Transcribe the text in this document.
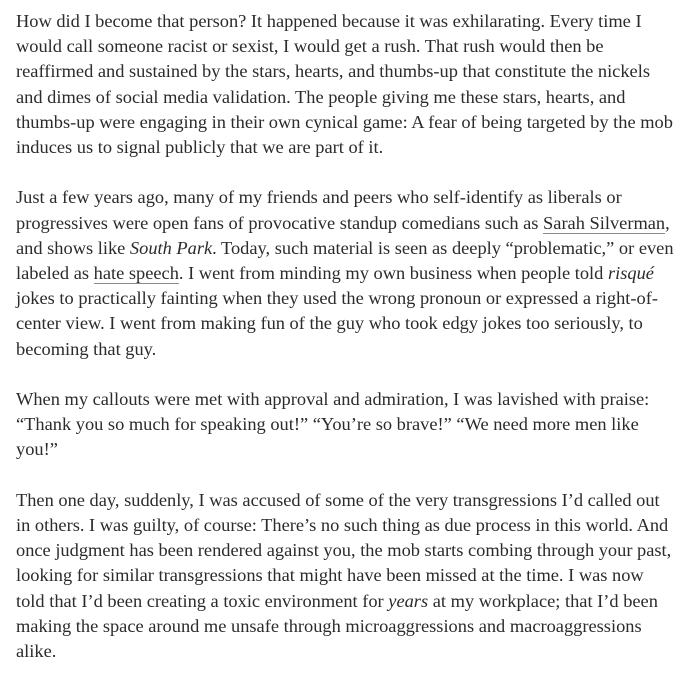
How did I become that person? It happened because it was exhilarating. Every time I would call someone racist or sexist, I would get a rush. That rush would then be reaffirmed and sustained by the stars, hearts, and thumbs-up that constitute the nickels and dimes of social media validation. The people giving me these stars, hearts, and thumbs-up were engaging in their own cynical game: A fear of being targeted by the mob induces us to signal publicly that we are part of it.

Just a few years ago, many of my friends and peers who self-identify as liberals or progressives were open fans of provocative standup comedians such as Sarah Silverman, and shows like South Park. Today, such material is seen as deeply “problematic,” or even labeled as hate speech. I went from minding my own business when people told risqué jokes to practically fainting when they used the wrong pronoun or expressed a right-of-center view. I went from making fun of the guy who took edgy jokes too seriously, to becoming that guy.

When my callouts were met with approval and admiration, I was lavished with praise: “Thank you so much for speaking out!” “You’re so brave!” “We need more men like you!”

Then one day, suddenly, I was accused of some of the very transgressions I’d called out in others. I was guilty, of course: There’s no such thing as due process in this world. And once judgment has been rendered against you, the mob starts combing through your past, looking for similar transgressions that might have been missed at the time. I was now told that I’d been creating a toxic environment for years at my workplace; that I’d been making the space around me unsafe through microaggressions and macroaggressions alike.
